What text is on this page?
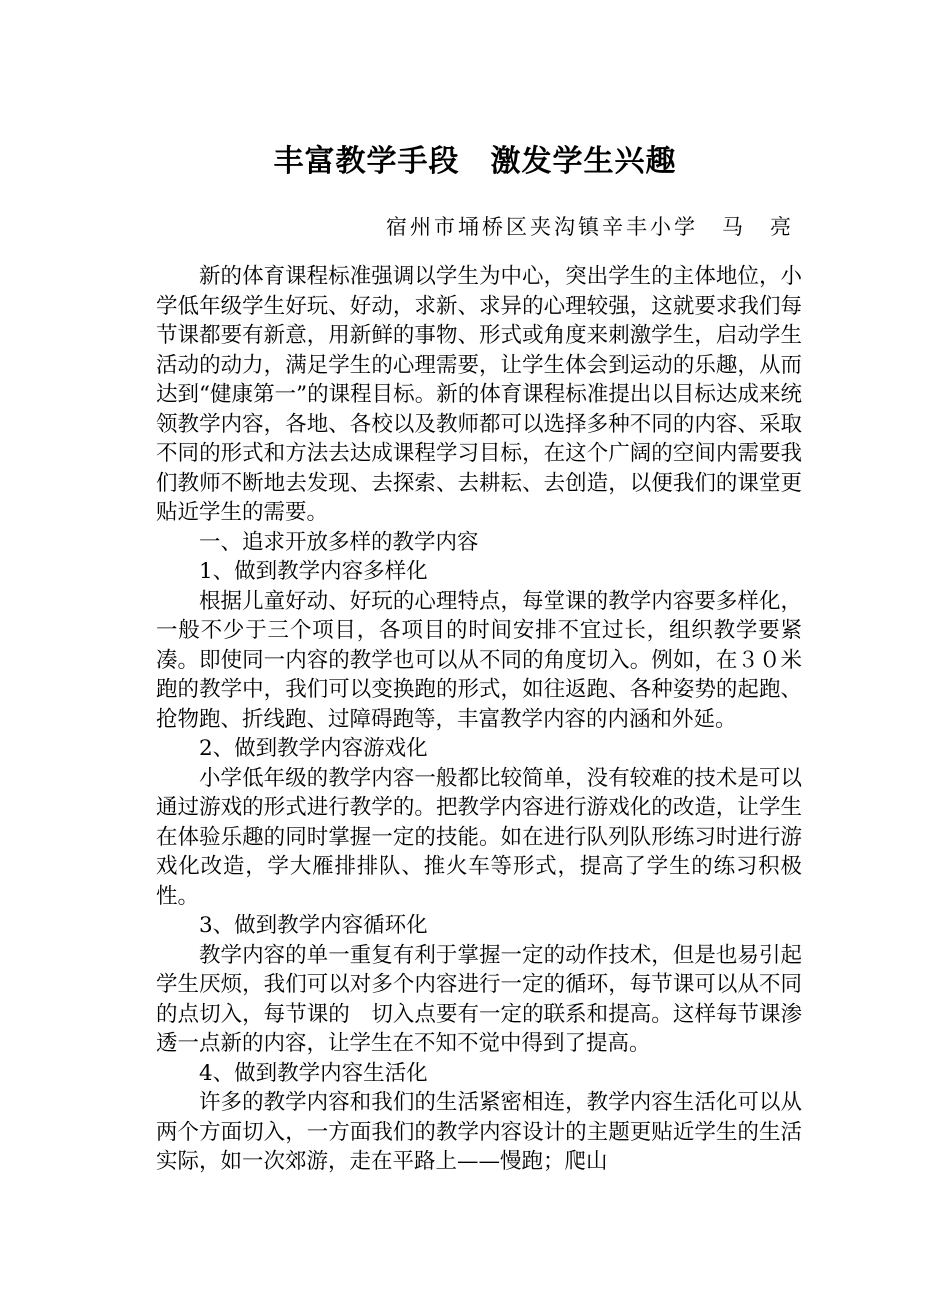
丰富教学手段　激发学生兴趣
宿州市埇桥区夹沟镇辛丰小学　马　亮

新的体育课程标准强调以学生为中心，突出学生的主体地位，小学低年级学生好玩、好动，求新、求异的心理较强，这就要求我们每节课都要有新意，用新鲜的事物、形式或角度来刺激学生，启动学生活动的动力，满足学生的心理需要，让学生体会到运动的乐趣，从而达到“健康第一”的课程目标。新的体育课程标准提出以目标达成来统领教学内容，各地、各校以及教师都可以选择多种不同的内容、采取不同的形式和方法去达成课程学习目标，在这个广阔的空间内需要我们教师不断地去发现、去探索、去耕耘、去创造，以便我们的课堂更贴近学生的需要。

一、追求开放多样的教学内容

1、做到教学内容多样化

根据儿童好动、好玩的心理特点，每堂课的教学内容要多样化，一般不少于三个项目，各项目的时间安排不宜过长，组织教学要紧凑。即使同一内容的教学也可以从不同的角度切入。例如，在３０米跑的教学中，我们可以变换跑的形式，如往返跑、各种姿势的起跑、抢物跑、折线跑、过障碍跑等，丰富教学内容的内涵和外延。

2、做到教学内容游戏化

小学低年级的教学内容一般都比较简单，没有较难的技术是可以通过游戏的形式进行教学的。把教学内容进行游戏化的改造，让学生在体验乐趣的同时掌握一定的技能。如在进行队列队形练习时进行游戏化改造，学大雁排排队、推火车等形式，提高了学生的练习积极性。

3、做到教学内容循环化

教学内容的单一重复有利于掌握一定的动作技术，但是也易引起学生厌烦，我们可以对多个内容进行一定的循环，每节课可以从不同的点切入，每节课的　切入点要有一定的联系和提高。这样每节课渗透一点新的内容，让学生在不知不觉中得到了提高。

4、做到教学内容生活化

许多的教学内容和我们的生活紧密相连，教学内容生活化可以从两个方面切入，一方面我们的教学内容设计的主题更贴近学生的生活实际，如一次郊游，走在平路上——慢跑；爬山
